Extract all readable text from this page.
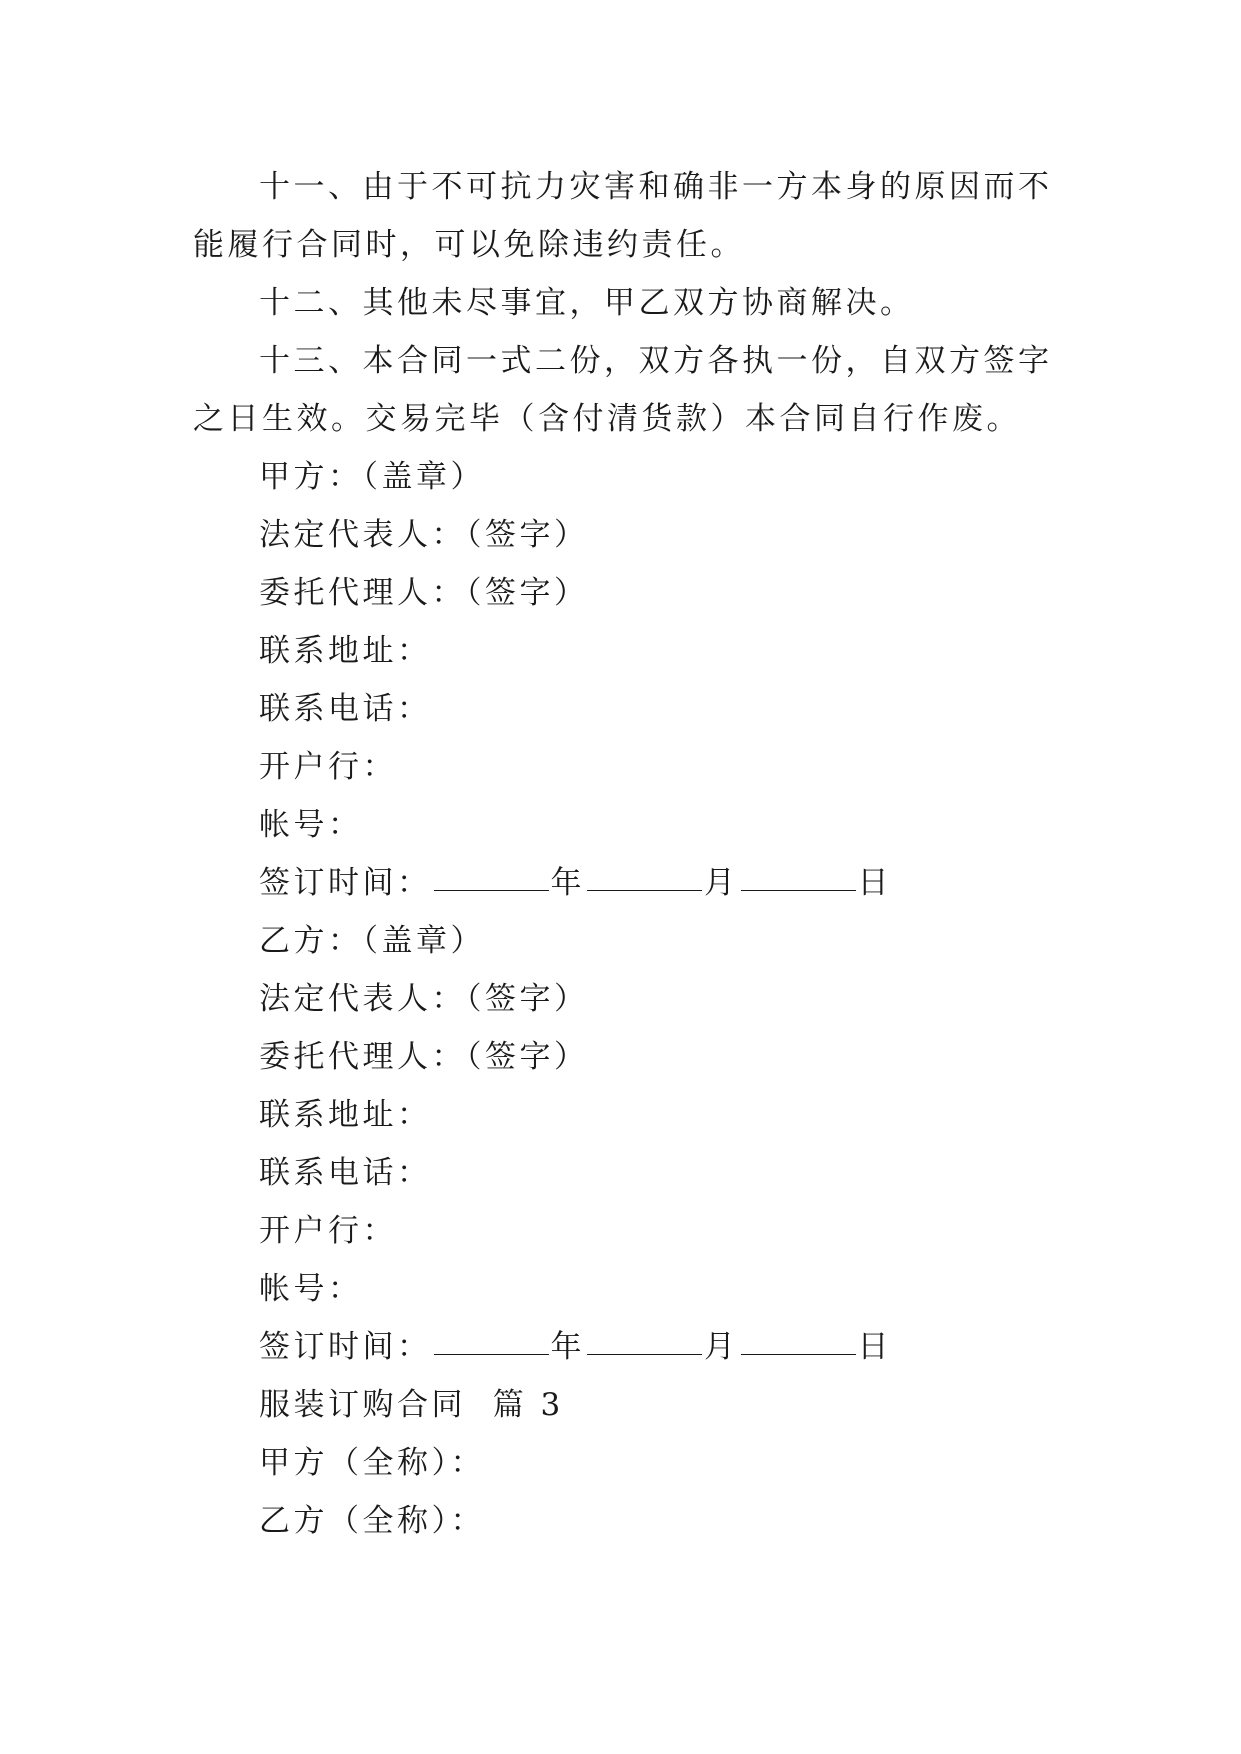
十一、由于不可抗力灾害和确非一方本身的原因而不能履行合同时，可以免除违约责任。

十二、其他未尽事宜，甲乙双方协商解决。

十三、本合同一式二份，双方各执一份，自双方签字之日生效。交易完毕（含付清货款）本合同自行作废。

甲方：（盖章）

法定代表人：（签字）

委托代理人：（签字）

联系地址：

联系电话：

开户行：

帐号：

签订时间：	年	月	日

乙方：（盖章）

法定代表人：（签字）

委托代理人：（签字）

联系地址：

联系电话：

开户行：

帐号：

签订时间：	年	月	日

服装订购合同  篇 3

甲方（全称）：

乙方（全称）：
